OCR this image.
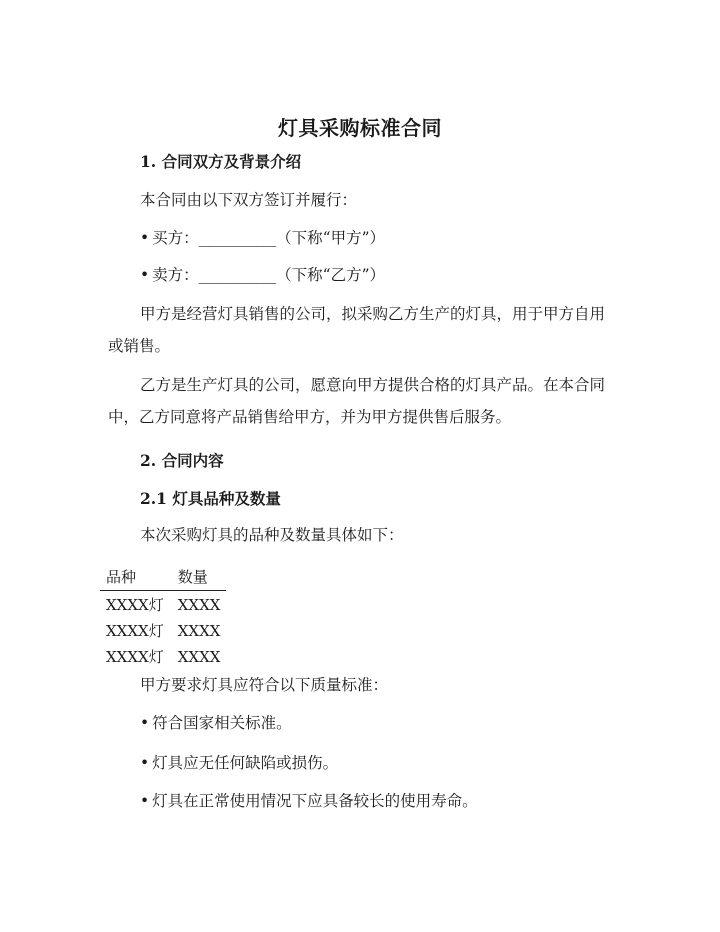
灯具采购标准合同
1. 合同双方及背景介绍
本合同由以下双方签订并履行：
• 买方：__________（下称“甲方”）
• 卖方：__________（下称“乙方”）
甲方是经营灯具销售的公司，拟采购乙方生产的灯具，用于甲方自用或销售。
乙方是生产灯具的公司，愿意向甲方提供合格的灯具产品。在本合同中，乙方同意将产品销售给甲方，并为甲方提供售后服务。
2. 合同内容
2.1 灯具品种及数量
本次采购灯具的品种及数量具体如下：
品种	数量
XXXX灯	XXXX
XXXX灯	XXXX
XXXX灯	XXXX
甲方要求灯具应符合以下质量标准：
• 符合国家相关标准。
• 灯具应无任何缺陷或损伤。
• 灯具在正常使用情况下应具备较长的使用寿命。
